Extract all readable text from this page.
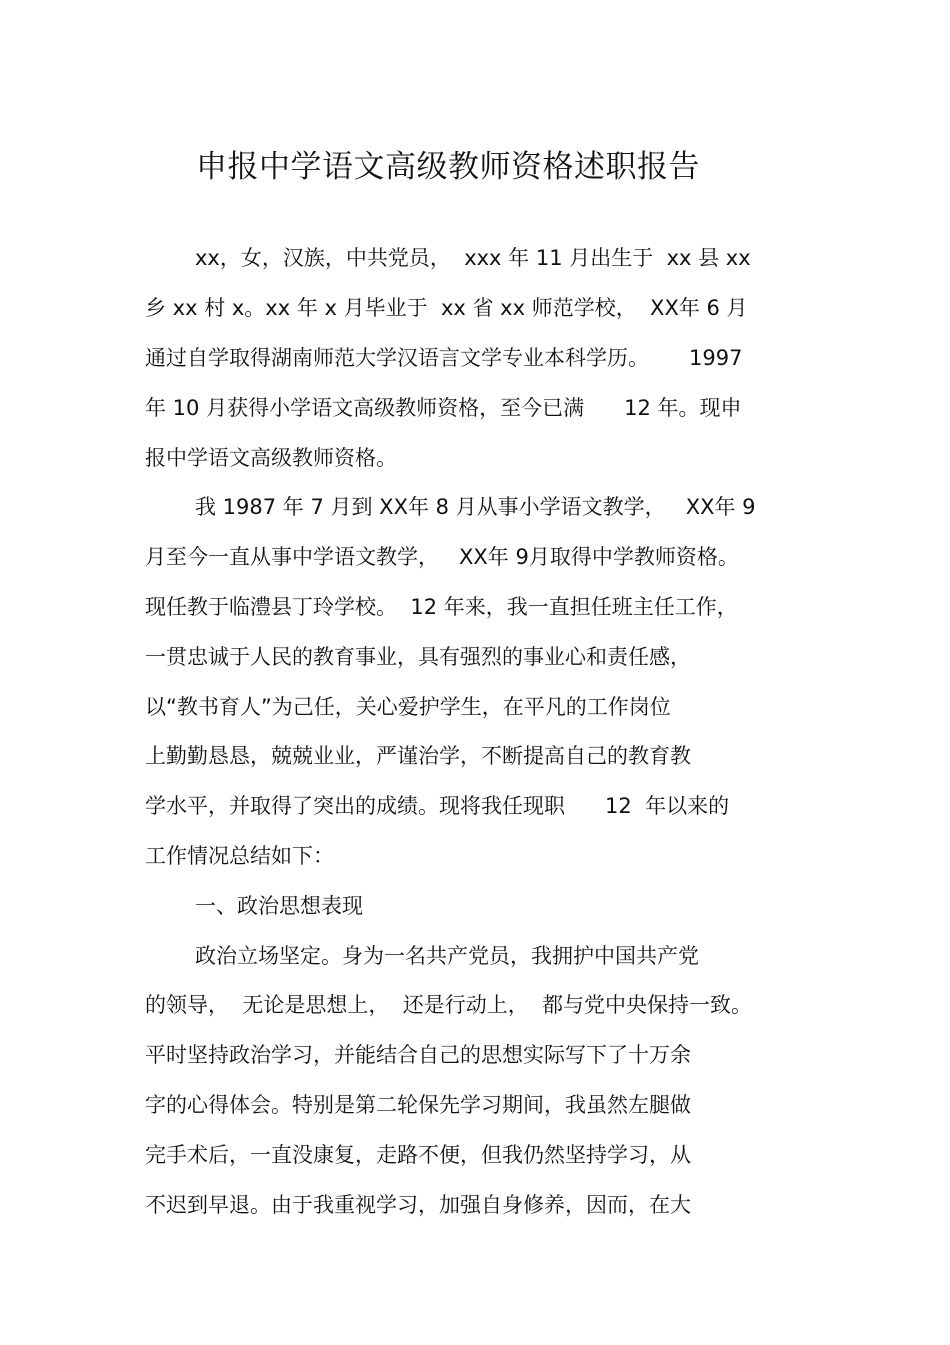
申报中学语文高级教师资格述职报告
xx，女，汉族，中共党员，  xxx 年 11 月出生于  xx 县 xx
乡 xx 村 x。xx 年 x 月毕业于  xx 省 xx 师范学校，  XX年 6 月
通过自学取得湖南师范大学汉语言文学专业本科学历。      1997
年 10 月获得小学语文高级教师资格，至今已满      12 年。现申
报中学语文高级教师资格。
我 1987 年 7 月到 XX年 8 月从事小学语文教学，   XX年 9
月至今一直从事中学语文教学，   XX年 9月取得中学教师资格。
现任教于临澧县丁玲学校。  12 年来，我一直担任班主任工作，
一贯忠诚于人民的教育事业，具有强烈的事业心和责任感，
以“教书育人”为己任，关心爱护学生，在平凡的工作岗位
上勤勤恳恳，兢兢业业，严谨治学，不断提高自己的教育教
学水平，并取得了突出的成绩。现将我任现职      12  年以来的
工作情况总结如下：
一、政治思想表现
政治立场坚定。身为一名共产党员，我拥护中国共产党
的领导，  无论是思想上，  还是行动上，  都与党中央保持一致。
平时坚持政治学习，并能结合自己的思想实际写下了十万余
字的心得体会。特别是第二轮保先学习期间，我虽然左腿做
完手术后，一直没康复，走路不便，但我仍然坚持学习，从
不迟到早退。由于我重视学习，加强自身修养，因而，在大
